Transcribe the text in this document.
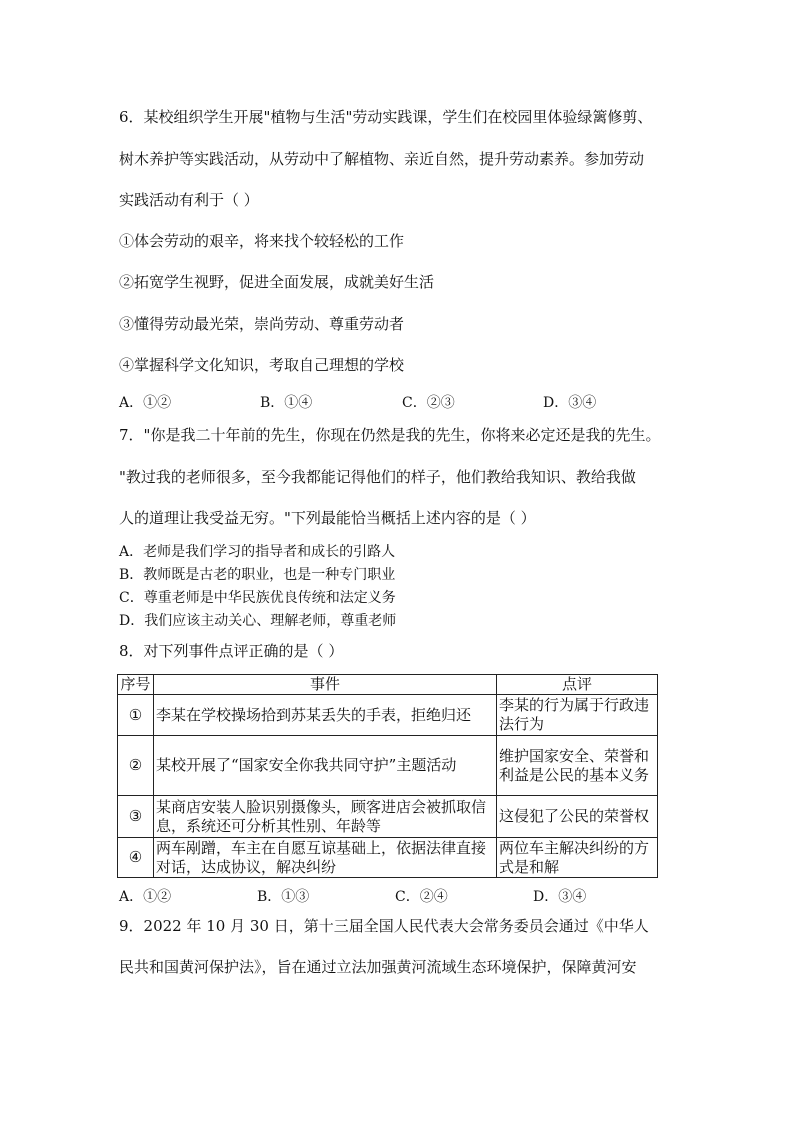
6．某校组织学生开展"植物与生活"劳动实践课，学生们在校园里体验绿篱修剪、
树木养护等实践活动，从劳动中了解植物、亲近自然，提升劳动素养。参加劳动
实践活动有利于（ ）
①体会劳动的艰辛，将来找个较轻松的工作
②拓宽学生视野，促进全面发展，成就美好生活
③懂得劳动最光荣，崇尚劳动、尊重劳动者
④掌握科学文化知识，考取自己理想的学校
A．①②	B．①④	C．②③	D．③④
7．"你是我二十年前的先生，你现在仍然是我的先生，你将来必定还是我的先生。
"教过我的老师很多，至今我都能记得他们的样子，他们教给我知识、教给我做
人的道理让我受益无穷。"下列最能恰当概括上述内容的是（ ）
A．老师是我们学习的指导者和成长的引路人
B．教师既是古老的职业，也是一种专门职业
C．尊重老师是中华民族优良传统和法定义务
D．我们应该主动关心、理解老师，尊重老师
8．对下列事件点评正确的是（ ）
序号	事件	点评
①	李某在学校操场拾到苏某丢失的手表，拒绝归还	李某的行为属于行政违法行为
②	某校开展了“国家安全你我共同守护”主题活动	维护国家安全、荣誉和利益是公民的基本义务
③	某商店安装人脸识别摄像头，顾客进店会被抓取信息，系统还可分析其性别、年龄等	这侵犯了公民的荣誉权
④	两车剐蹭，车主在自愿互谅基础上，依据法律直接对话，达成协议，解决纠纷	两位车主解决纠纷的方式是和解
A．①②	B．①③	C．②④	D．③④
9．2022 年 10 月 30 日，第十三届全国人民代表大会常务委员会通过《中华人
民共和国黄河保护法》，旨在通过立法加强黄河流域生态环境保护，保障黄河安
